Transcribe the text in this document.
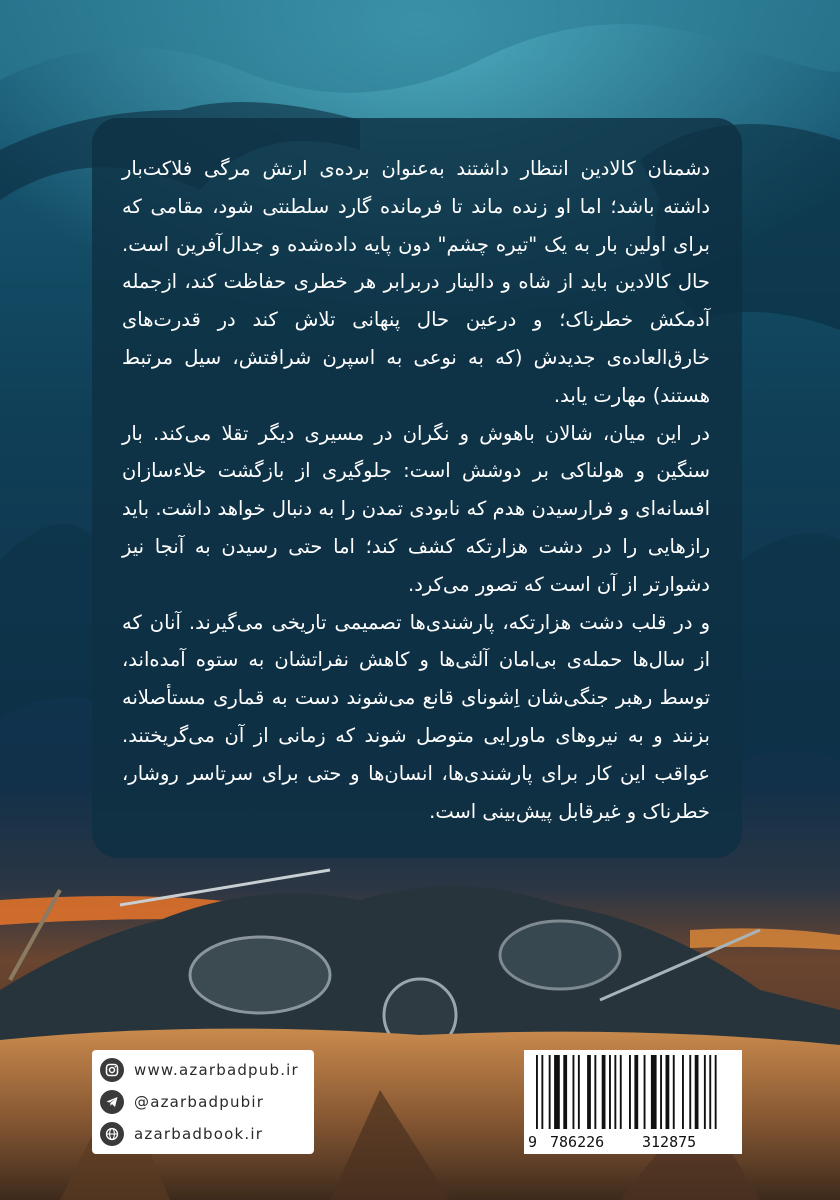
دشمنان کالادین انتظار داشتند به‌عنوان برده‌ی ارتش مرگی فلاکت‌بار داشته باشد؛ اما او زنده ماند تا فرمانده گارد سلطنتی شود، مقامی که برای اولین بار به یک "تیره چشم" دون پایه داده‌شده و جدال‌آفرین است. حال کالادین باید از شاه و دالینار دربرابر هر خطری حفاظت کند، ازجمله آدمکش خطرناک؛ و درعین حال پنهانی تلاش کند در قدرت‌های خارق‌العاده‌ی جدیدش (که به نوعی به اسپرن شرافتش، سیل مرتبط هستند) مهارت یابد.

در این میان، شالان باهوش و نگران در مسیری دیگر تقلا می‌کند. بار سنگین و هولناکی بر دوشش است: جلوگیری از بازگشت خلاءسازان افسانه‌ای و فرارسیدن هدم که نابودی تمدن را به دنبال خواهد داشت. باید رازهایی را در دشت هزارتکه کشف کند؛ اما حتی رسیدن به آنجا نیز دشوارتر از آن است که تصور می‌کرد.

و در قلب دشت هزارتکه، پارشندی‌ها تصمیمی تاریخی می‌گیرند. آنان که از سال‌ها حمله‌ی بی‌امان آلثی‌ها و کاهش نفراتشان به ستوه آمده‌اند، توسط رهبر جنگی‌شان اِشونای قانع می‌شوند دست به قماری مستأصلانه بزنند و به نیروهای ماورایی متوصل شوند که زمانی از آن می‌گریختند. عواقب این کار برای پارشندی‌ها، انسان‌ها و حتی برای سرتاسر روشار، خطرناک و غیرقابل پیش‌بینی است.

www.azarbadpub.ir
@azarbadpubir
azarbadbook.ir	9 786226	312875
